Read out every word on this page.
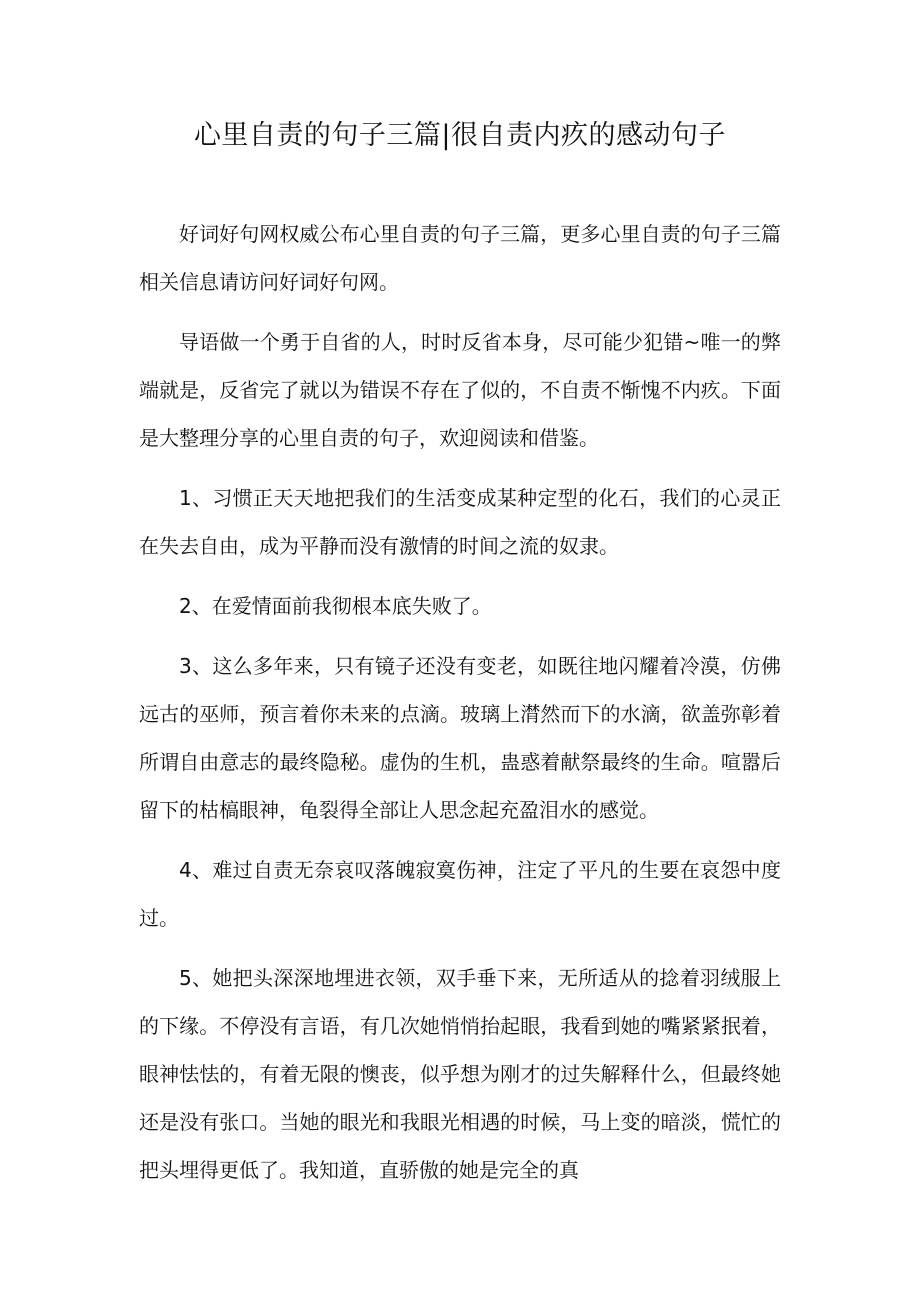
心里自责的句子三篇|很自责内疚的感动句子

好词好句网权威公布心里自责的句子三篇，更多心里自责的句子三篇相关信息请访问好词好句网。

导语做一个勇于自省的人，时时反省本身，尽可能少犯错~唯一的弊端就是，反省完了就以为错误不存在了似的，不自责不惭愧不内疚。下面是大整理分享的心里自责的句子，欢迎阅读和借鉴。

1、习惯正天天地把我们的生活变成某种定型的化石，我们的心灵正在失去自由，成为平静而没有激情的时间之流的奴隶。

2、在爱情面前我彻根本底失败了。

3、这么多年来，只有镜子还没有变老，如既往地闪耀着冷漠，仿佛远古的巫师，预言着你未来的点滴。玻璃上潸然而下的水滴，欲盖弥彰着所谓自由意志的最终隐秘。虚伪的生机，蛊惑着献祭最终的生命。喧嚣后留下的枯槁眼神，龟裂得全部让人思念起充盈泪水的感觉。

4、难过自责无奈哀叹落魄寂寞伤神，注定了平凡的生要在哀怨中度过。

5、她把头深深地埋进衣领，双手垂下来，无所适从的捻着羽绒服上的下缘。不停没有言语，有几次她悄悄抬起眼，我看到她的嘴紧紧抿着，眼神怯怯的，有着无限的懊丧，似乎想为刚才的过失解释什么，但最终她还是没有张口。当她的眼光和我眼光相遇的时候，马上变的暗淡，慌忙的把头埋得更低了。我知道，直骄傲的她是完全的真
